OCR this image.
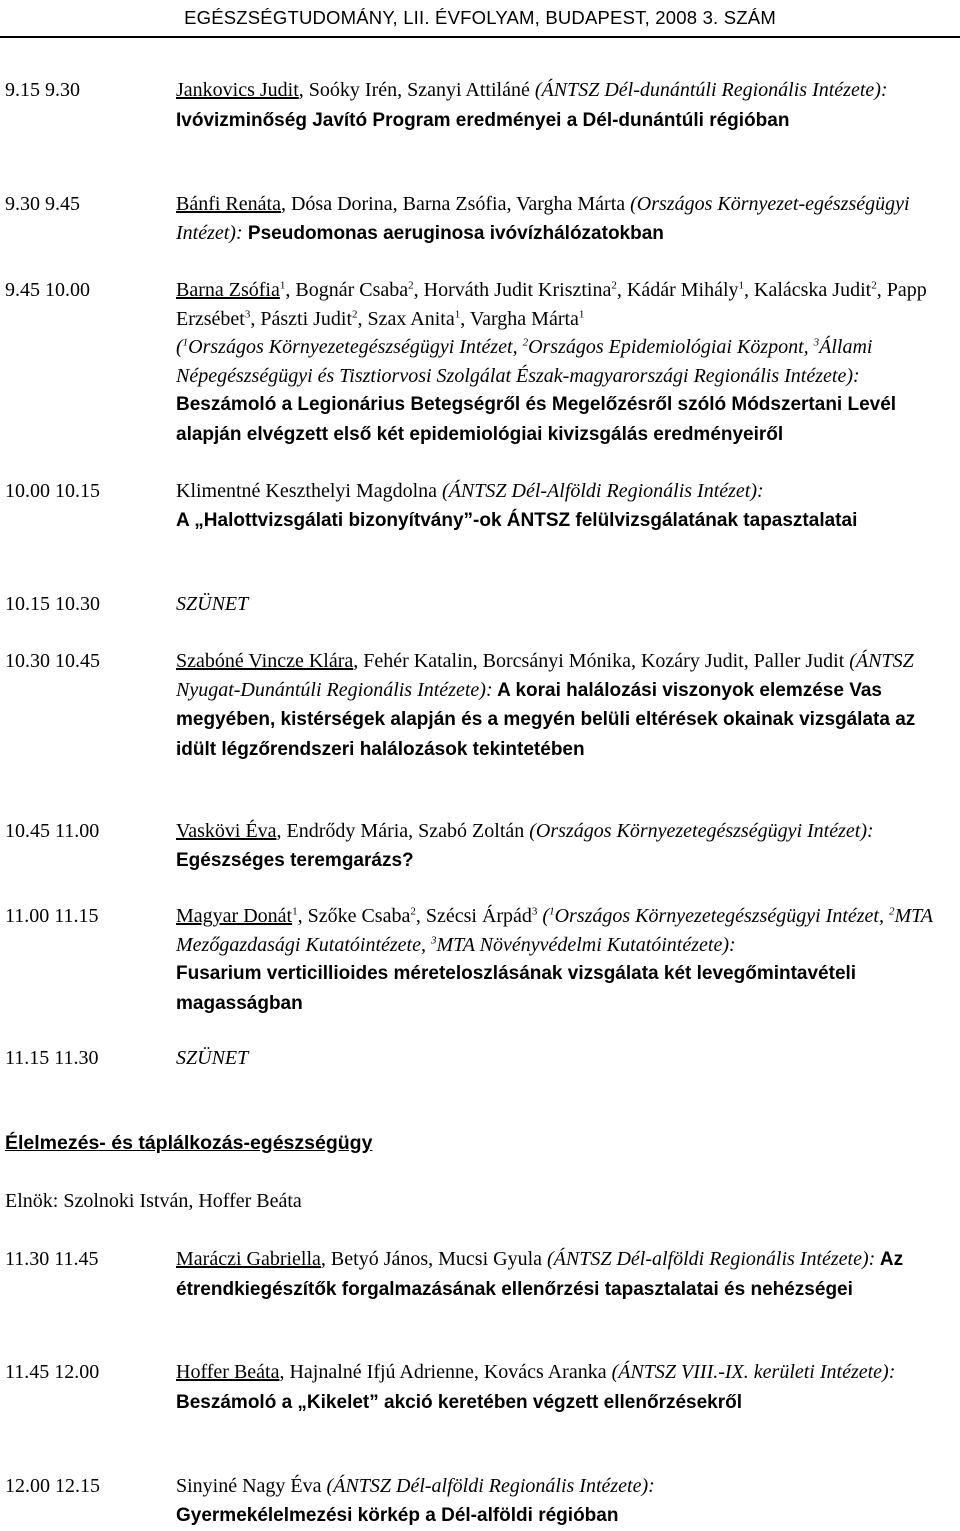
EGÉSZSÉGTUDOMÁNY, LII. ÉVFOLYAM, BUDAPEST, 2008 3. SZÁM
9.15 9.30	Jankovics Judit, Soóky Irén, Szanyi Attiláné (ÁNTSZ Dél-dunántúli Regionális Intézete): Ivóvizminőség Javító Program eredményei a Dél-dunántúli régióban
9.30 9.45	Bánfi Renáta, Dósa Dorina, Barna Zsófia, Vargha Márta (Országos Környezet-egészségügyi Intézet): Pseudomonas aeruginosa ivóvízhálózatokban
9.45 10.00	Barna Zsófia$^1$, Bognár Csaba$^2$, Horváth Judit Krisztina$^2$, Kádár Mihály$^1$, Kalácska Judit$^2$, Papp Erzsébet$^3$, Pászti Judit$^2$, Szax Anita$^1$, Vargha Márta$^1$
($^1$Országos Környezetegészségügyi Intézet, $^2$Országos Epidemiológiai Központ, $^3$Állami Népegészségügyi és Tisztiorvosi Szolgálat Észak-magyarországi Regionális Intézete):
Beszámoló a Legionárius Betegségről és Megelőzésről szóló Módszertani Levél alapján elvégzett első két epidemiológiai kivizsgálás eredményeiről
10.00 10.15	Klimentné Keszthelyi Magdolna (ÁNTSZ Dél-Alföldi Regionális Intézet):
A „Halottvizsgálati bizonyítvány”-ok ÁNTSZ felülvizsgálatának tapasztalatai
10.15 10.30	SZÜNET
10.30 10.45	Szabóné Vincze Klára, Fehér Katalin, Borcsányi Mónika, Kozáry Judit, Paller Judit (ÁNTSZ Nyugat-Dunántúli Regionális Intézete): A korai halálozási viszonyok elemzése Vas megyében, kistérségek alapján és a megyén belüli eltérések okainak vizsgálata az idült légzőrendszeri halálozások tekintetében
10.45 11.00	Vaskövi Éva, Endrődy Mária, Szabó Zoltán (Országos Környezetegészségügyi Intézet):
Egészséges teremgarázs?
11.00 11.15	Magyar Donát$^1$, Szőke Csaba$^2$, Szécsi Árpád$^3$ ($^1$Országos Környezetegészségügyi Intézet, $^2$MTA Mezőgazdasági Kutatóintézete, $^3$MTA Növényvédelmi Kutatóintézete):
Fusarium verticillioides méreteloszlásának vizsgálata két levegőmintavételi magasságban
11.15 11.30	SZÜNET
Élelmezés- és táplálkozás-egészségügy
Elnök: Szolnoki István, Hoffer Beáta
11.30 11.45	Maráczi Gabriella, Betyó János, Mucsi Gyula (ÁNTSZ Dél-alföldi Regionális Intézete): Az étrendkiegészítők forgalmazásának ellenőrzési tapasztalatai és nehézségei
11.45 12.00	Hoffer Beáta, Hajnalné Ifjú Adrienne, Kovács Aranka (ÁNTSZ VIII.-IX. kerületi Intézete): Beszámoló a „Kikelet” akció keretében végzett ellenőrzésekről
12.00 12.15	Sinyiné Nagy Éva (ÁNTSZ Dél-alföldi Regionális Intézete):
Gyermekélelmezési körkép a Dél-alföldi régióban
